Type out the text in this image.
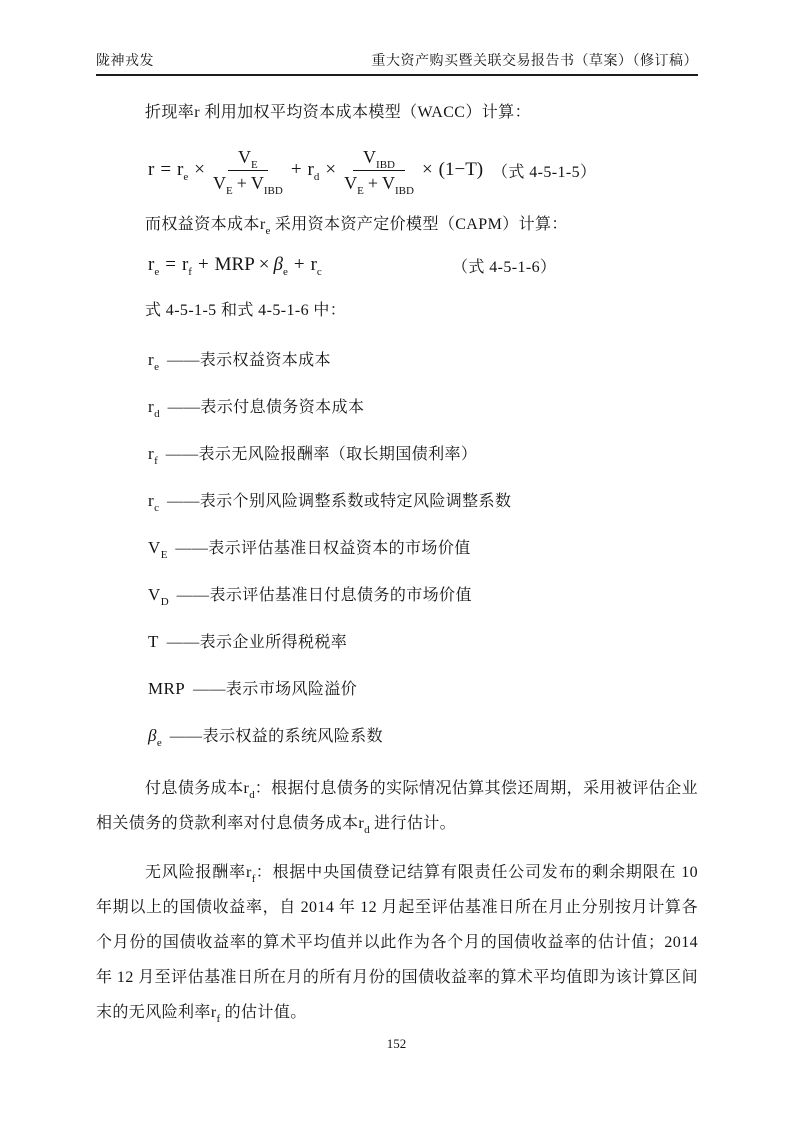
陇神戎发	重大资产购买暨关联交易报告书（草案）（修订稿）

折现率r 利用加权平均资本成本模型（WACC）计算：

$r = r_e \times \frac{V_E}{V_E + V_{IBD}} + r_d \times \frac{V_{IBD}}{V_E + V_{IBD}} \times (1-T)$ （式 4-5-1-5）

而权益资本成本$r_e$ 采用资本资产定价模型（CAPM）计算：

$r_e = r_f$ + MRP × $\beta_e + r_c$	（式 4-5-1-6）

式 4-5-1-5 和式 4-5-1-6 中：

$r_e$ ——表示权益资本成本
$r_d$ ——表示付息债务资本成本
$r_f$ ——表示无风险报酬率（取长期国债利率）
$r_c$ ——表示个别风险调整系数或特定风险调整系数
$V_E$ ——表示评估基准日权益资本的市场价值
$V_D$ ——表示评估基准日付息债务的市场价值
T ——表示企业所得税税率
MRP ——表示市场风险溢价
$\beta_e$ ——表示权益的系统风险系数

付息债务成本$r_d$：根据付息债务的实际情况估算其偿还周期，采用被评估企业相关债务的贷款利率对付息债务成本$r_d$ 进行估计。

无风险报酬率$r_f$：根据中央国债登记结算有限责任公司发布的剩余期限在 10 年期以上的国债收益率，自 2014 年 12 月起至评估基准日所在月止分别按月计算各个月份的国债收益率的算术平均值并以此作为各个月的国债收益率的估计值；2014 年 12 月至评估基准日所在月的所有月份的国债收益率的算术平均值即为该计算区间末的无风险利率$r_f$ 的估计值。

152
